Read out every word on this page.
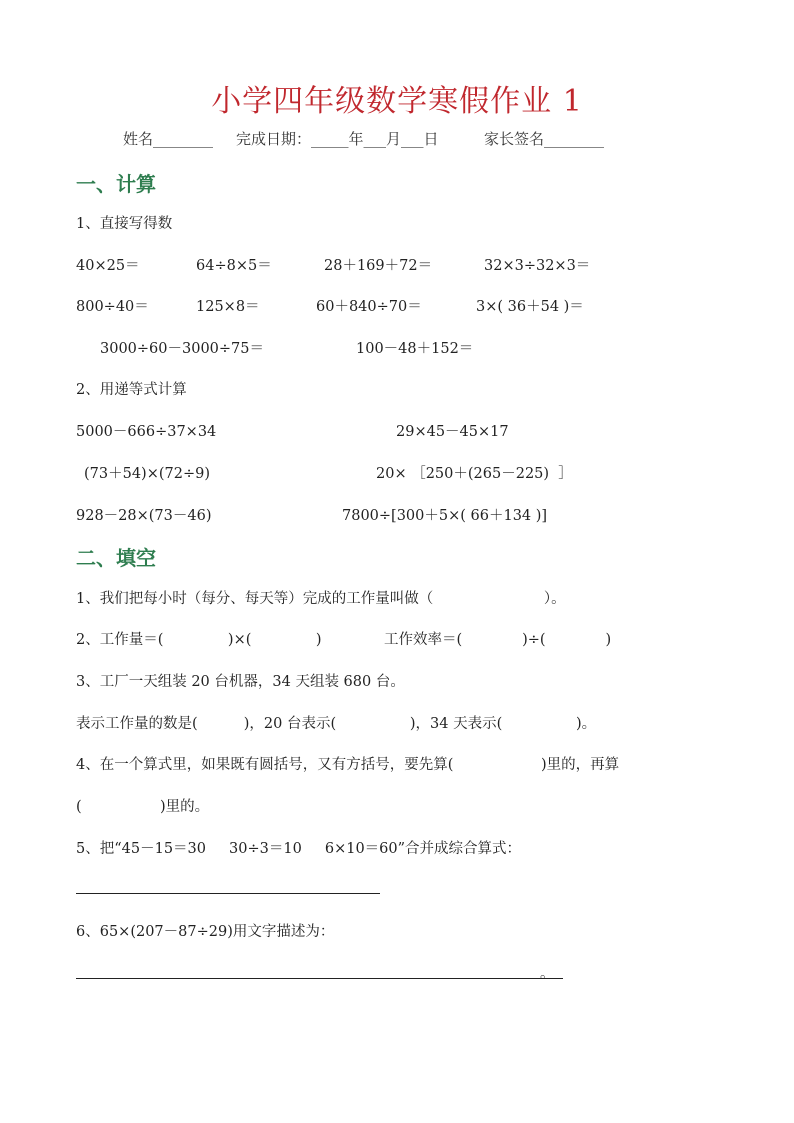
小学四年级数学寒假作业 1
姓名________ 完成日期：_____年___月___日	家长签名________
一、计算
1、直接写得数
40×25＝	64÷8×5＝	28＋169＋72＝	32×3÷32×3＝
800÷40＝	125×8＝	60＋840÷70＝	3×( 36＋54 )＝
3000÷60－3000÷75＝	100－48＋152＝
2、用递等式计算
5000－666÷37×34	29×45－45×17
(73＋54)×(72÷9)	20× ［250＋(265－225)  ］
928－28×(73－46)	7800÷[300＋5×( 66＋134 )]
二、填空
1、我们把每小时（每分、每天等）完成的工作量叫做（                        ）。
2、工作量＝(              )×(              )	工作效率＝(             )÷(             )
3、工厂一天组装 20 台机器，34 天组装 680 台。
表示工作量的数是(          )，20 台表示(                )，34 天表示(                )。
4、在一个算式里，如果既有圆括号，又有方括号，要先算(                   )里的，再算
(                 )里的。
5、把“45－15＝30     30÷3＝10     6×10＝60”合并成综合算式：
6、65×(207－87÷29)用文字描述为：
。
